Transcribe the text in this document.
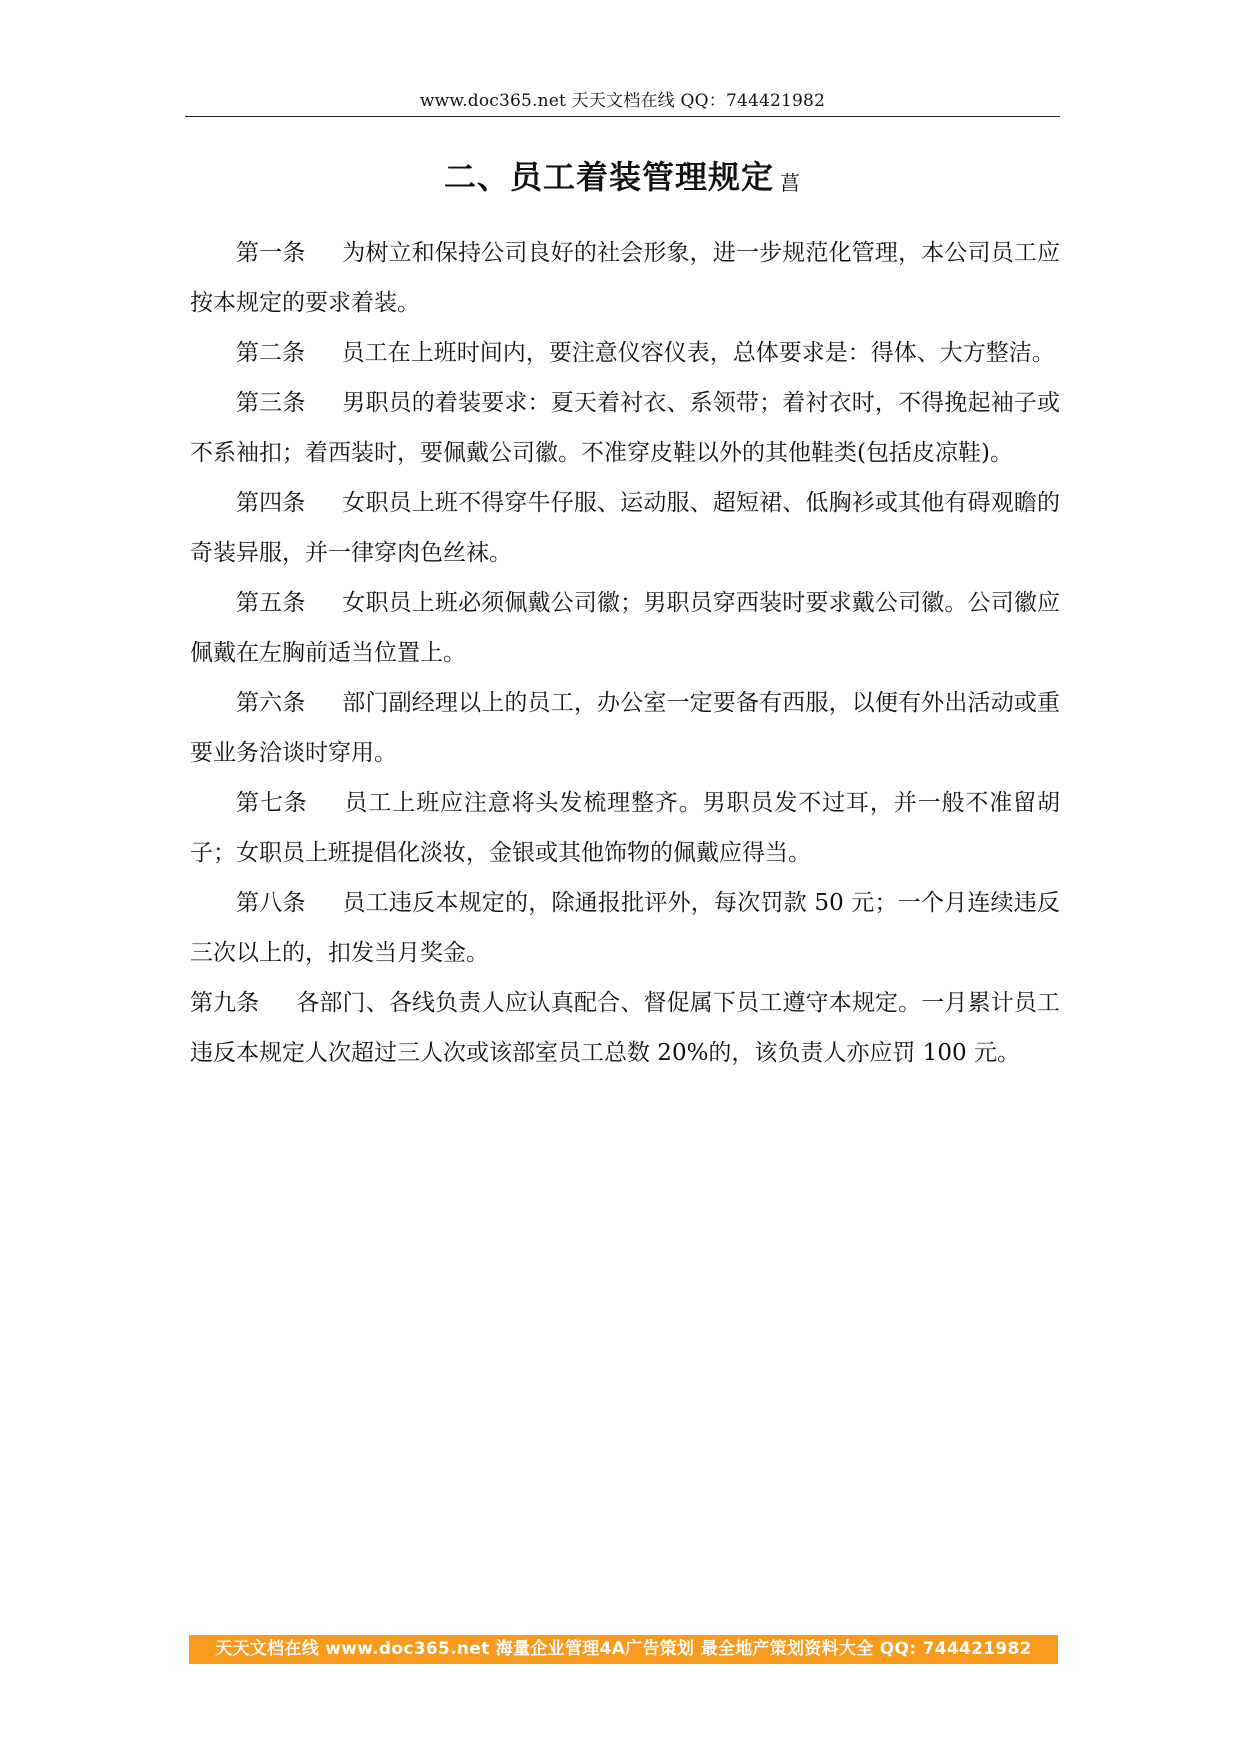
www.doc365.net 天天文档在线 QQ：744421982
二、员工着装管理规定 菖

第一条 为树立和保持公司良好的社会形象，进一步规范化管理，本公司员工应按本规定的要求着装。

第二条 员工在上班时间内，要注意仪容仪表，总体要求是：得体、大方整洁。

第三条 男职员的着装要求：夏天着衬衣、系领带；着衬衣时，不得挽起袖子或不系袖扣；着西装时，要佩戴公司徽。不准穿皮鞋以外的其他鞋类(包括皮凉鞋)。

第四条 女职员上班不得穿牛仔服、运动服、超短裙、低胸衫或其他有碍观瞻的奇装异服，并一律穿肉色丝袜。

第五条 女职员上班必须佩戴公司徽；男职员穿西装时要求戴公司徽。公司徽应佩戴在左胸前适当位置上。

第六条 部门副经理以上的员工，办公室一定要备有西服，以便有外出活动或重要业务洽谈时穿用。

第七条 员工上班应注意将头发梳理整齐。男职员发不过耳，并一般不准留胡子；女职员上班提倡化淡妆，金银或其他饰物的佩戴应得当。

第八条 员工违反本规定的，除通报批评外，每次罚款 50 元；一个月连续违反三次以上的，扣发当月奖金。

第九条 各部门、各线负责人应认真配合、督促属下员工遵守本规定。一月累计员工违反本规定人次超过三人次或该部室员工总数 20%的，该负责人亦应罚 100 元。

天天文档在线 www.doc365.net 海量企业管理4A广告策划 最全地产策划资料大全 QQ: 744421982
